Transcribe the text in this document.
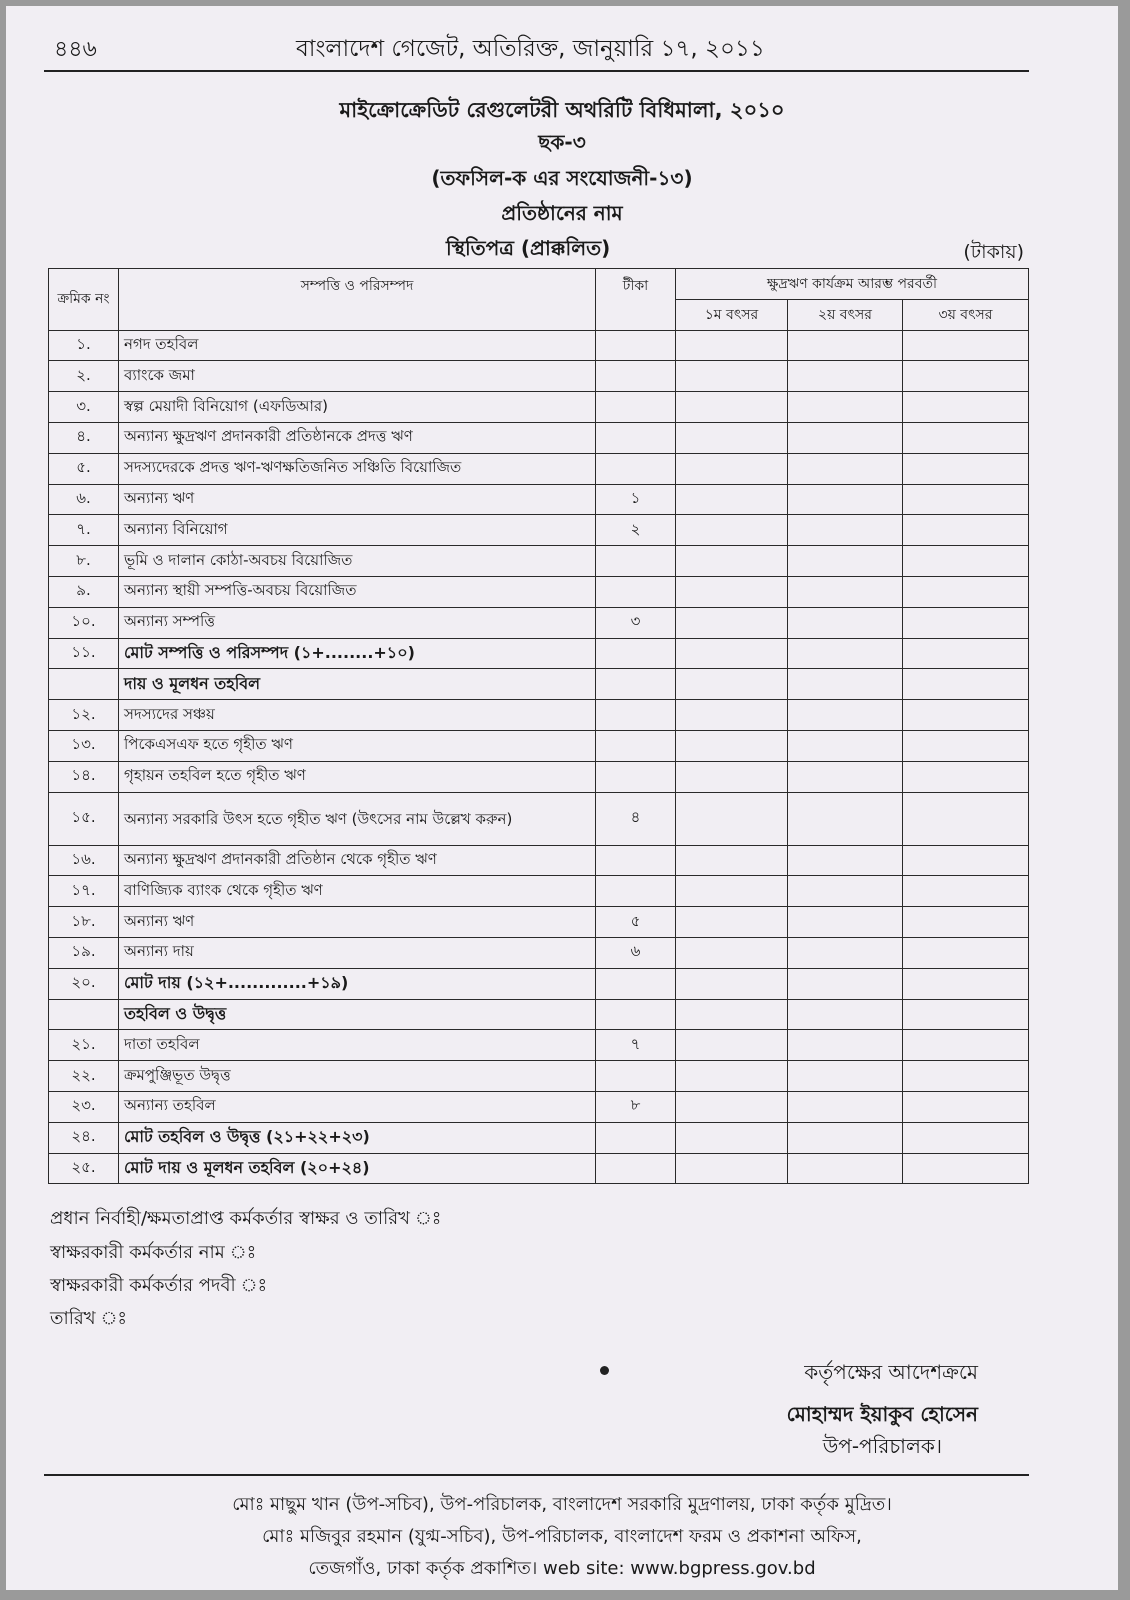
৪৪৬	বাংলাদেশ গেজেট, অতিরিক্ত, জানুয়ারি ১৭, ২০১১
মাইক্রোক্রেডিট রেগুলেটরী অথরিটি বিধিমালা, ২০১০
ছক-৩
(তফসিল-ক এর সংযোজনী-১৩)
প্রতিষ্ঠানের নাম
স্থিতিপত্র (প্রাক্কলিত)	(টাকায়)
ক্রমিক নং	সম্পত্তি ও পরিসম্পদ	টীকা	ক্ষুদ্রঋণ কার্যক্রম আরম্ভ পরবর্তী		
			১ম বৎসর	২য় বৎসর	৩য় বৎসর
১.	নগদ তহবিল				
২.	ব্যাংকে জমা				
৩.	স্বল্প মেয়াদী বিনিয়োগ (এফডিআর)				
৪.	অন্যান্য ক্ষুদ্রঋণ প্রদানকারী প্রতিষ্ঠানকে প্রদত্ত ঋণ				
৫.	সদস্যদেরকে প্রদত্ত ঋণ-ঋণক্ষতিজনিত সঞ্চিতি বিয়োজিত				
৬.	অন্যান্য ঋণ	১			
৭.	অন্যান্য বিনিয়োগ	২			
৮.	ভূমি ও দালান কোঠা-অবচয় বিয়োজিত				
৯.	অন্যান্য স্থায়ী সম্পত্তি-অবচয় বিয়োজিত				
১০.	অন্যান্য সম্পত্তি	৩			
১১.	মোট সম্পত্তি ও পরিসম্পদ (১+........+১০)				
	দায় ও মূলধন তহবিল				
১২.	সদস্যদের সঞ্চয়				
১৩.	পিকেএসএফ হতে গৃহীত ঋণ				
১৪.	গৃহায়ন তহবিল হতে গৃহীত ঋণ				
১৫.	অন্যান্য সরকারি উৎস হতে গৃহীত ঋণ (উৎসের নাম উল্লেখ করুন)	৪			
১৬.	অন্যান্য ক্ষুদ্রঋণ প্রদানকারী প্রতিষ্ঠান থেকে গৃহীত ঋণ				
১৭.	বাণিজ্যিক ব্যাংক থেকে গৃহীত ঋণ				
১৮.	অন্যান্য ঋণ	৫			
১৯.	অন্যান্য দায়	৬			
২০.	মোট দায় (১২+.............+১৯)				
	তহবিল ও উদ্বৃত্ত				
২১.	দাতা তহবিল	৭			
২২.	ক্রমপুঞ্জিভূত উদ্বৃত্ত				
২৩.	অন্যান্য তহবিল	৮			
২৪.	মোট তহবিল ও উদ্বৃত্ত (২১+২২+২৩)				
২৫.	মোট দায় ও মূলধন তহবিল (২০+২৪)				
প্রধান নির্বাহী/ক্ষমতাপ্রাপ্ত কর্মকর্তার স্বাক্ষর ও তারিখ ঃ
স্বাক্ষরকারী কর্মকর্তার নাম ঃ
স্বাক্ষরকারী কর্মকর্তার পদবী ঃ
তারিখ ঃ
কর্তৃপক্ষের আদেশক্রমে
মোহাম্মদ ইয়াকুব হোসেন
উপ-পরিচালক।
মোঃ মাছুম খান (উপ-সচিব), উপ-পরিচালক, বাংলাদেশ সরকারি মুদ্রণালয়, ঢাকা কর্তৃক মুদ্রিত।
মোঃ মজিবুর রহমান (যুগ্ম-সচিব), উপ-পরিচালক, বাংলাদেশ ফরম ও প্রকাশনা অফিস,
তেজগাঁও, ঢাকা কর্তৃক প্রকাশিত। web site: www.bgpress.gov.bd
